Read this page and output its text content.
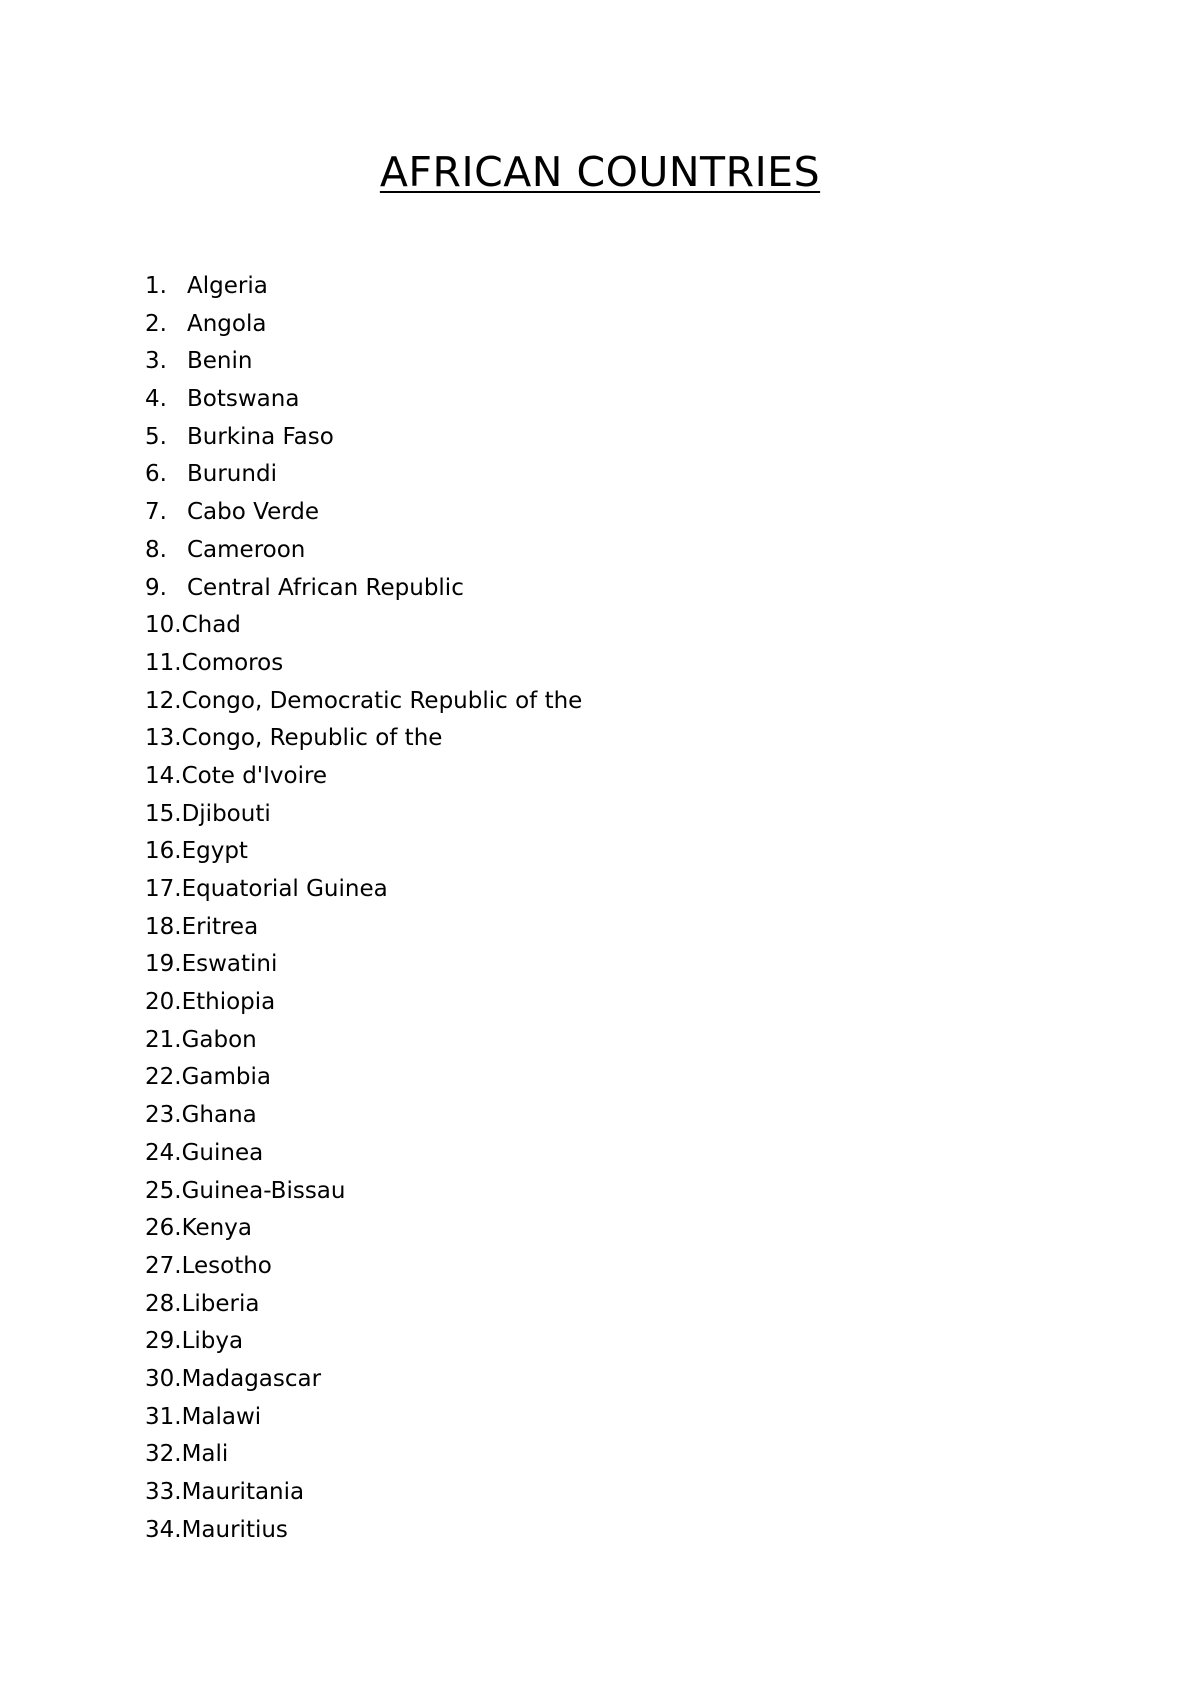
AFRICAN COUNTRIES
1. Algeria
2. Angola
3. Benin
4. Botswana
5. Burkina Faso
6. Burundi
7. Cabo Verde
8. Cameroon
9. Central African Republic
10.Chad
11.Comoros
12.Congo, Democratic Republic of the
13.Congo, Republic of the
14.Cote d'Ivoire
15.Djibouti
16.Egypt
17.Equatorial Guinea
18.Eritrea
19.Eswatini
20.Ethiopia
21.Gabon
22.Gambia
23.Ghana
24.Guinea
25.Guinea-Bissau
26.Kenya
27.Lesotho
28.Liberia
29.Libya
30.Madagascar
31.Malawi
32.Mali
33.Mauritania
34.Mauritius
